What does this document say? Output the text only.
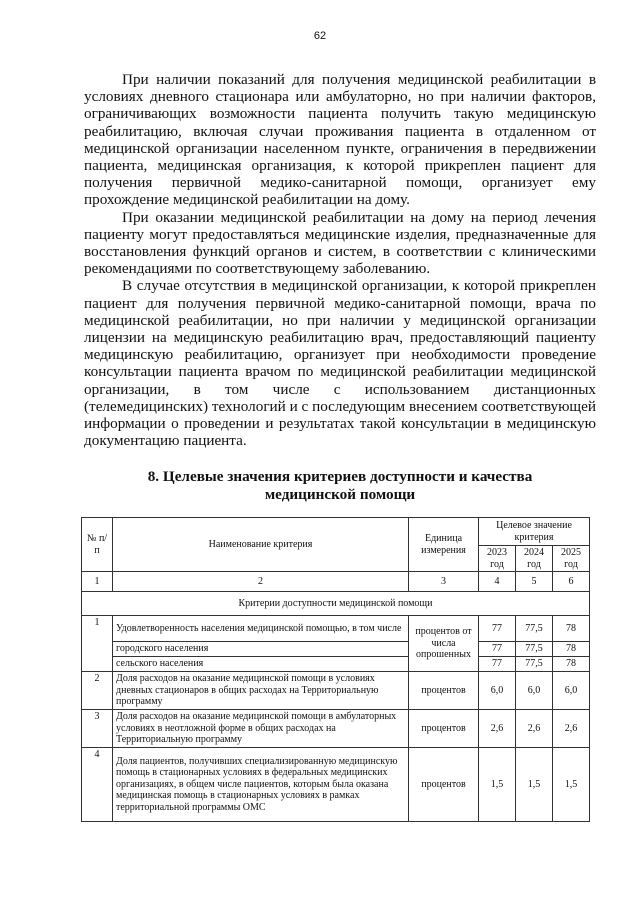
62

При наличии показаний для получения медицинской реабилитации в условиях дневного стационара или амбулаторно, но при наличии факторов, ограничивающих возможности пациента получить такую медицинскую реабилитацию, включая случаи проживания пациента в отдаленном от медицинской организации населенном пункте, ограничения в передвижении пациента, медицинская организация, к которой прикреплен пациент для получения первичной медико-санитарной помощи, организует ему прохождение медицинской реабилитации на дому.

При оказании медицинской реабилитации на дому на период лечения пациенту могут предоставляться медицинские изделия, предназначенные для восстановления функций органов и систем, в соответствии с клиническими рекомендациями по соответствующему заболеванию.

В случае отсутствия в медицинской организации, к которой прикреплен пациент для получения первичной медико-санитарной помощи, врача по медицинской реабилитации, но при наличии у медицинской организации лицензии на медицинскую реабилитацию врач, предоставляющий пациенту медицинскую реабилитацию, организует при необходимости проведение консультации пациента врачом по медицинской реабилитации медицинской организации, в том числе с использованием дистанционных (телемедицинских) технологий и с последующим внесением соответствующей информации о проведении и результатах такой консультации в медицинскую документацию пациента.

8. Целевые значения критериев доступности и качества
медицинской помощи
№ п/п	Наименование критерия	Единица измерения	Целевое значение критерия		
			2023 год	2024 год	2025 год
1	2	3	4	5	6
Критерии доступности медицинской помощи					
1	Удовлетворенность населения медицинской помощью, в том числе	процентов от числа опрошенных	77	77,5	78
	городского населения		77	77,5	78
	сельского населения		77	77,5	78
2	Доля расходов на оказание медицинской помощи в условиях дневных стационаров в общих расходах на Территориальную программу	процентов	6,0	6,0	6,0
3	Доля расходов на оказание медицинской помощи в амбулаторных условиях в неотложной форме в общих расходах на Территориальную программу	процентов	2,6	2,6	2,6
4	Доля пациентов, получивших специализированную медицинскую помощь в стационарных условиях в федеральных медицинских организациях, в общем числе пациентов, которым была оказана медицинская помощь в стационарных условиях в рамках территориальной программы ОМС	процентов	1,5	1,5	1,5
